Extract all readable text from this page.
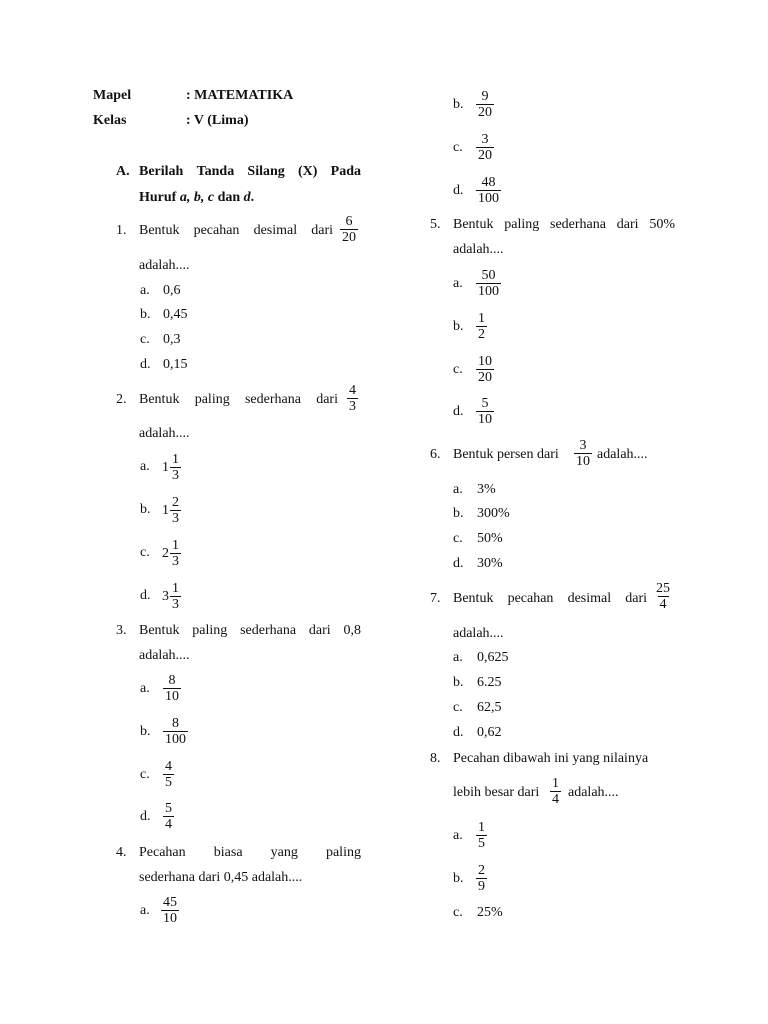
Mapel	: MATEMATIKA
Kelas	: V (Lima)
A. Berilah Tanda Silang (X) Pada
Huruf a, b, c dan d.
1. Bentuk pecahan desimal dari $\frac{6}{20}$
adalah....
a. 0,6
b. 0,45
c. 0,3
d. 0,15
2. Bentuk paling sederhana dari $\frac{4}{3}$
adalah....
a. $1 \frac{1}{3}$
b. $1 \frac{2}{3}$
c. $2 \frac{1}{3}$
d. $3 \frac{1}{3}$
3. Bentuk paling sederhana dari 0,8
adalah....
a. $\frac{8}{10}$
b. $\frac{8}{100}$
c. $\frac{4}{5}$
d. $\frac{5}{4}$
4. Pecahan biasa yang paling
sederhana dari 0,45 adalah....
a. $\frac{45}{10}$
b. $\frac{9}{20}$
c. $\frac{3}{20}$
d. $\frac{48}{100}$
5. Bentuk paling sederhana dari 50%
adalah....
a. $\frac{50}{100}$
b. $\frac{1}{2}$
c. $\frac{10}{20}$
d. $\frac{5}{10}$
6. Bentuk persen dari $\frac{3}{10}$ adalah....
a. 3%
b. 300%
c. 50%
d. 30%
7. Bentuk pecahan desimal dari $\frac{25}{4}$
adalah....
a. 0,625
b. 6.25
c. 62,5
d. 0,62
8. Pecahan dibawah ini yang nilainya
lebih besar dari $\frac{1}{4}$ adalah....
a. $\frac{1}{5}$
b. $\frac{2}{9}$
c. 25%
